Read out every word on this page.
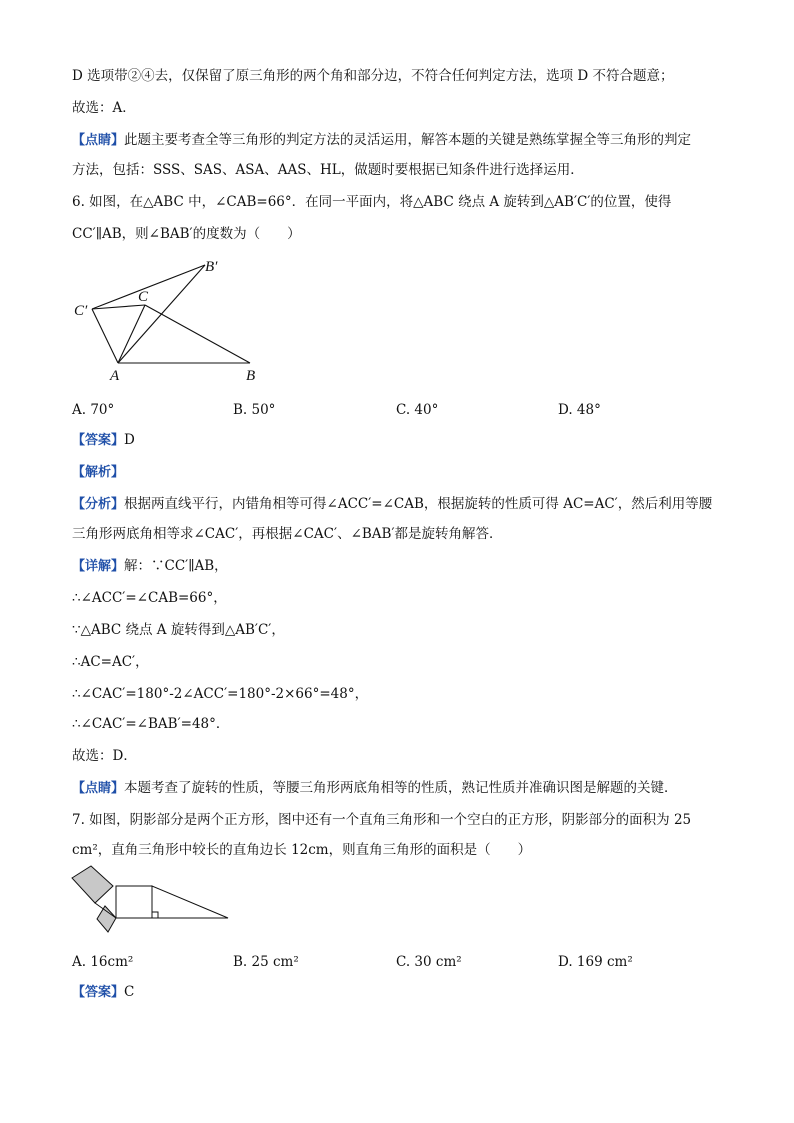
D 选项带②④去，仅保留了原三角形的两个角和部分边，不符合任何判定方法，选项 D 不符合题意；
故选：A．
【点睛】此题主要考查全等三角形的判定方法的灵活运用，解答本题的关键是熟练掌握全等三角形的判定
方法，包括：SSS、SAS、ASA、AAS、HL，做题时要根据已知条件进行选择运用．
6. 如图，在△ABC 中，∠CAB=66°．在同一平面内，将△ABC 绕点 A 旋转到△AB′C′的位置，使得
CC′∥AB，则∠BAB′的度数为（　　）
A	B
C
B′
C′
A. 70°	B. 50°	C. 40°	D. 48°
【答案】D
【解析】
【分析】根据两直线平行，内错角相等可得∠ACC′=∠CAB，根据旋转的性质可得 AC=AC′，然后利用等腰
三角形两底角相等求∠CAC′，再根据∠CAC′、∠BAB′都是旋转角解答．
【详解】解：∵CC′∥AB，
∴∠ACC′=∠CAB=66°，
∵△ABC 绕点 A 旋转得到△AB′C′，
∴AC=AC′，
∴∠CAC′=180°-2∠ACC′=180°-2×66°=48°，
∴∠CAC′=∠BAB′=48°．
故选：D．
【点睛】本题考查了旋转的性质，等腰三角形两底角相等的性质，熟记性质并准确识图是解题的关键．
7. 如图，阴影部分是两个正方形，图中还有一个直角三角形和一个空白的正方形，阴影部分的面积为 25
cm²，直角三角形中较长的直角边长 12cm，则直角三角形的面积是（　　）
A. 16cm²	B. 25 cm²	C. 30 cm²	D. 169 cm²
【答案】C
